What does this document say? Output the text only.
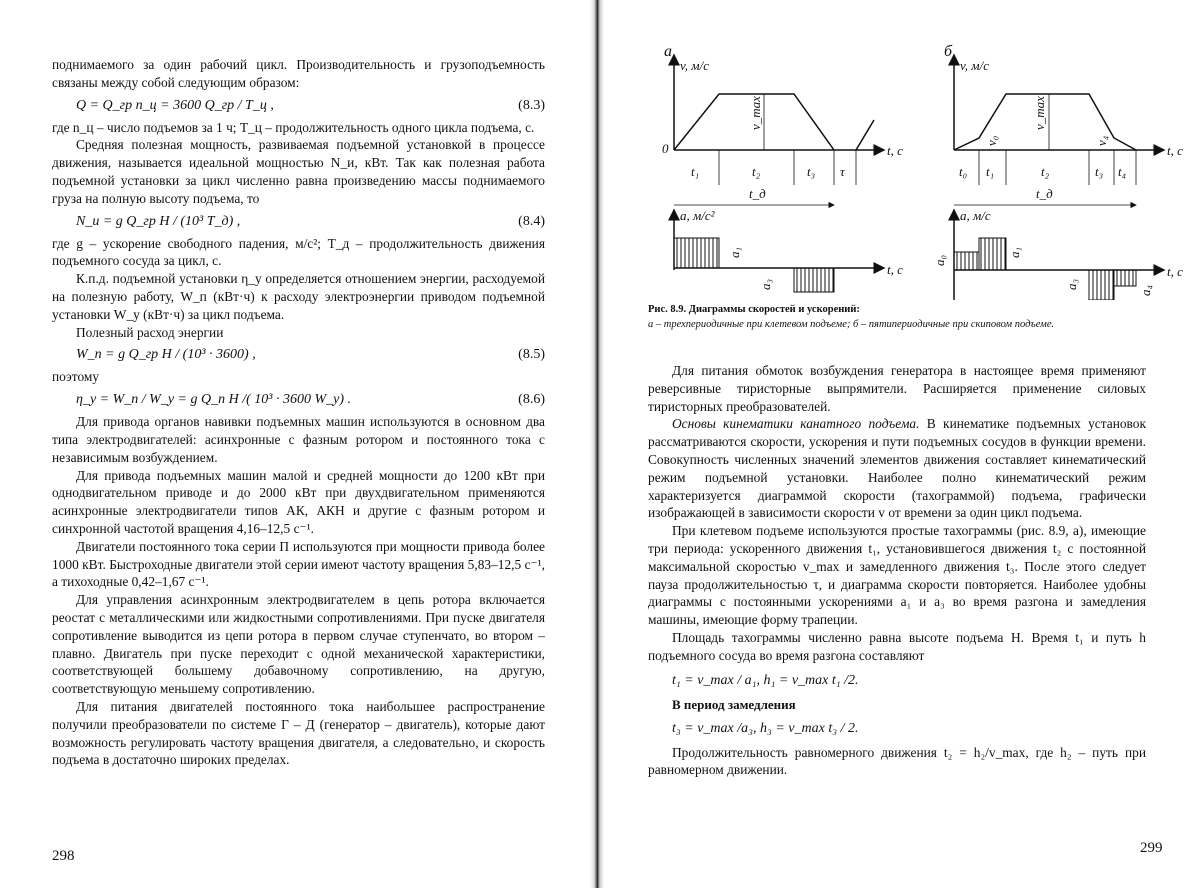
поднимаемого за один рабочий цикл. Производительность и грузоподъемность связаны между собой следующим образом:

Q = Q_гр n_ц = 3600 Q_гр / T_ц ,	(8.3)

где n_ц – число подъемов за 1 ч; T_ц – продолжительность одного цикла подъема, с.

Средняя полезная мощность, развиваемая подъемной установкой в процессе движения, называется идеальной мощностью N_и, кВт. Так как полезная работа подъемной установки за цикл численно равна произведению массы поднимаемого груза на полную высоту подъема, то

N_и = g Q_гр H / (10³ T_д) ,	(8.4)

где g – ускорение свободного падения, м/с²; T_д – продолжительность движения подъемного сосуда за цикл, с.

К.п.д. подъемной установки η_у определяется отношением энергии, расходуемой на полезную работу, W_п (кВт·ч) к расходу электроэнергии приводом подъемной установки W_у (кВт·ч) за цикл подъема.

Полезный расход энергии

W_п = g Q_гр H / (10³ · 3600) ,	(8.5)

поэтому

η_у = W_п / W_у = g Q_п H /( 10³ · 3600 W_у) .	(8.6)

Для привода органов навивки подъемных машин используются в основном два типа электродвигателей: асинхронные с фазным ротором и постоянного тока с независимым возбуждением.

Для привода подъемных машин малой и средней мощности до 1200 кВт при однодвигательном приводе и до 2000 кВт при двухдвигательном применяются асинхронные электродвигатели типов АК, АКН и другие с фазным ротором и синхронной частотой вращения 4,16–12,5 с⁻¹.

Двигатели постоянного тока серии П используются при мощности привода более 1000 кВт. Быстроходные двигатели этой серии имеют частоту вращения 5,83–12,5 с⁻¹, а тихоходные 0,42–1,67 с⁻¹.

Для управления асинхронным электродвигателем в цепь ротора включается реостат с металлическими или жидкостными сопротивлениями. При пуске двигателя сопротивление выводится из цепи ротора в первом случае ступенчато, во втором – плавно. Двигатель при пуске переходит с одной механической характеристики, соответствующей большему добавочному сопротивлению, на другую, соответствующую меньшему сопротивлению.

Для питания двигателей постоянного тока наибольшее распространение получили преобразователи по системе Г – Д (генератор – двигатель), которые дают возможность регулировать частоту вращения двигателя, а следовательно, и скорость подъема в достаточно широких пределах.

298
а
v, м/с
0	t, с
v_max
t₁	t₂	t₃ τ
t_д
a, м/с²
a₁
a₃
t, с
б
v, м/с
t, с
v_max
v₀	v₄
t₀ t₁	t₂	t₃ t₄
t_д
a, м/с
a₀
a₁
a₃
a₄
t, с
Рис. 8.9. Диаграммы скоростей и ускорений:
а – трехпериодичные при клетевом подъеме; б – пятипериодичные при скиповом подъеме.

Для питания обмоток возбуждения генератора в настоящее время применяют реверсивные тиристорные выпрямители. Расширяется применение силовых тиристорных преобразователей.

Основы кинематики канатного подъема. В кинематике подъемных установок рассматриваются скорости, ускорения и пути подъемных сосудов в функции времени. Совокупность численных значений элементов движения составляет кинематический режим подъемной установки. Наиболее полно кинематический режим характеризуется диаграммой скорости (тахограммой) подъема, графически изображающей в зависимости скорости v от времени за один цикл подъема.

При клетевом подъеме используются простые тахограммы (рис. 8.9, а), имеющие три периода: ускоренного движения t₁, установившегося движения t₂ с постоянной максимальной скоростью v_max и замедленного движения t₃. После этого следует пауза продолжительностью τ, и диаграмма скорости повторяется. Наиболее удобны диаграммы с постоянными ускорениями a₁ и a₃ во время разгона и замедления машины, имеющие форму трапеции.

Площадь тахограммы численно равна высоте подъема H. Время t₁ и путь h подъемного сосуда во время разгона составляют

t₁ = v_max / a₁, h₁ = v_max t₁ /2.
В период замедления
t₃ = v_max /a₃, h₃ = v_max t₃ / 2.

Продолжительность равномерного движения t₂ = h₂/v_max, где h₂ – путь при равномерном движении.

299
